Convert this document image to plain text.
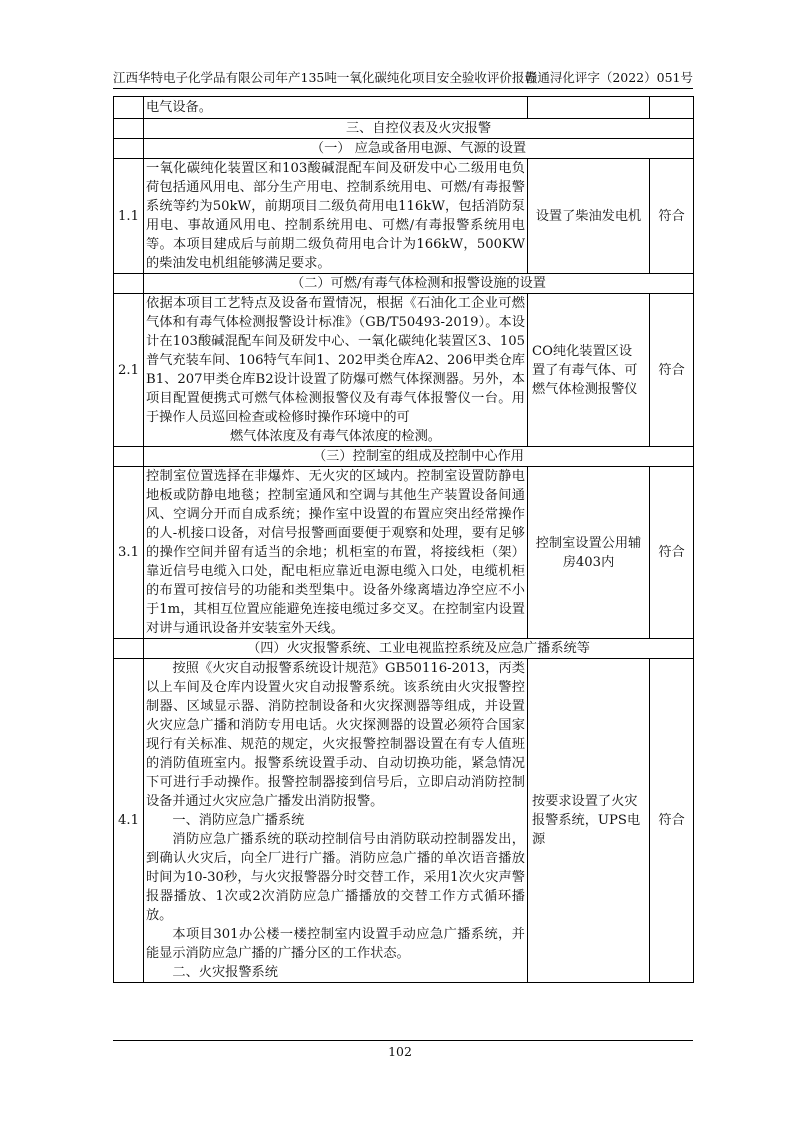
江西华特电子化学品有限公司年产135吨一氧化碳纯化项目安全验收评价报告
赣通浔化评字（2022）051号
	电气设备。		
	三、自控仪表及火灾报警		
	（一） 应急或备用电源、气源的设置		
1.1	一氧化碳纯化装置区和103酸碱混配车间及研发中心二级用电负荷包括通风用电、部分生产用电、控制系统用电、可燃/有毒报警系统等约为50kW，前期项目二级负荷用电116kW，包括消防泵用电、事故通风用电、控制系统用电、可燃/有毒报警系统用电等。本项目建成后与前期二级负荷用电合计为166kW，500KW的柴油发电机组能够满足要求。	设置了柴油发电机	符合
	（二）可燃/有毒气体检测和报警设施的设置		
2.1	依据本项目工艺特点及设备布置情况，根据《石油化工企业可燃气体和有毒气体检测报警设计标准》（GB/T50493-2019）。本设计在103酸碱混配车间及研发中心、一氧化碳纯化装置区3、105普气充装车间、106特气车间1、202甲类仓库A2、206甲类仓库B1、207甲类仓库B2设计设置了防爆可燃气体探测器。另外，本项目配置便携式可燃气体检测报警仪及有毒气体报警仪一台。用于操作人员巡回检查或检修时操作环境中的可

燃气体浓度及有毒气体浓度的检测。	CO纯化装置区设置了有毒气体、可燃气体检测报警仪	符合
	（三）控制室的组成及控制中心作用		
3.1	控制室位置选择在非爆炸、无火灾的区域内。控制室设置防静电地板或防静电地毯；控制室通风和空调与其他生产装置设备间通风、空调分开而自成系统；操作室中设置的布置应突出经常操作的人-机接口设备，对信号报警画面要便于观察和处理，要有足够的操作空间并留有适当的余地；机柜室的布置，将接线柜（架）靠近信号电缆入口处，配电柜应靠近电源电缆入口处，电缆机柜的布置可按信号的功能和类型集中。设备外缘离墙边净空应不小于1m，其相互位置应能避免连接电缆过多交叉。在控制室内设置对讲与通讯设备并安装室外天线。	控制室设置公用辅房403内	符合
	（四）火灾报警系统、工业电视监控系统及应急广播系统等		
4.1	按照《火灾自动报警系统设计规范》GB50116-2013，丙类以上车间及仓库内设置火灾自动报警系统。该系统由火灾报警控制器、区域显示器、消防控制设备和火灾探测器等组成，并设置火灾应急广播和消防专用电话。火灾探测器的设置必须符合国家现行有关标准、规范的规定，火灾报警控制器设置在有专人值班的消防值班室内。报警系统设置手动、自动切换功能，紧急情况下可进行手动操作。报警控制器接到信号后，立即启动消防控制设备并通过火灾应急广播发出消防报警。

一、消防应急广播系统

消防应急广播系统的联动控制信号由消防联动控制器发出，到确认火灾后，向全厂进行广播。消防应急广播的单次语音播放时间为10-30秒，与火灾报警器分时交替工作，采用1次火灾声警报器播放、1次或2次消防应急广播播放的交替工作方式循环播放。

本项目301办公楼一楼控制室内设置手动应急广播系统，并能显示消防应急广播的广播分区的工作状态。

二、火灾报警系统	按要求设置了火灾报警系统，UPS电源	符合
102
